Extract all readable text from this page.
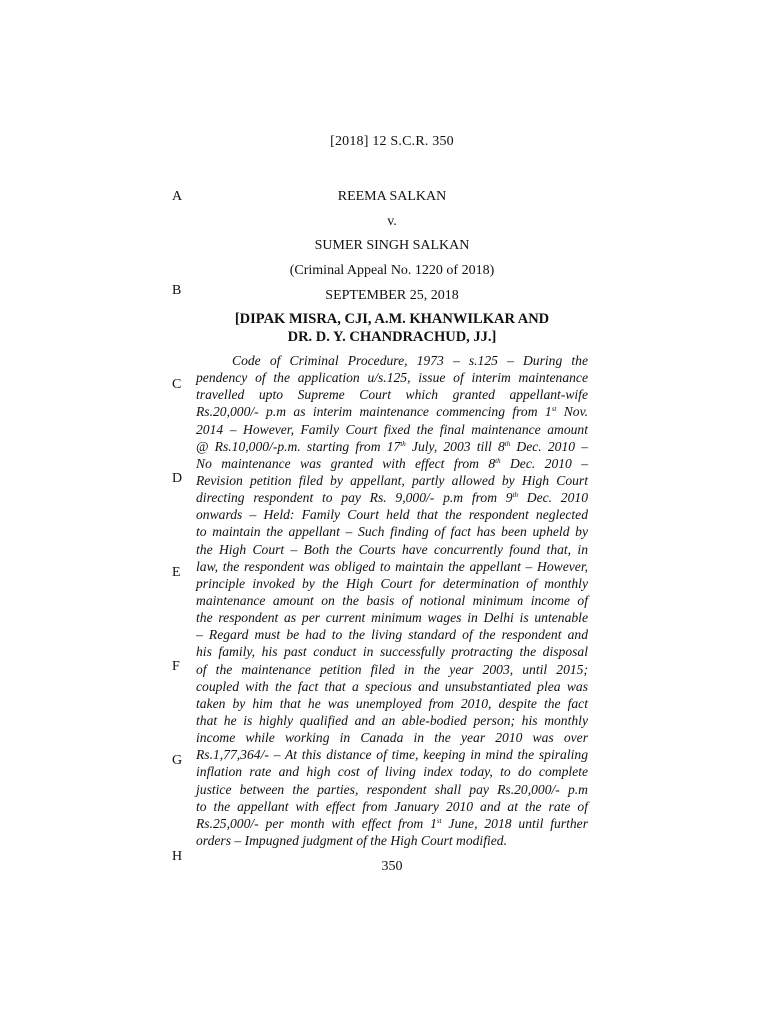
[2018] 12 S.C.R. 350
REEMA SALKAN
v.
SUMER SINGH SALKAN
(Criminal Appeal No. 1220 of 2018)
SEPTEMBER 25, 2018
[DIPAK MISRA, CJI, A.M. KHANWILKAR AND
DR. D. Y. CHANDRACHUD, JJ.]
A
B
C
D
E
F
G
H
Code of Criminal Procedure, 1973 – s.125 – During the
pendency of the application u/s.125, issue of interim maintenance
travelled upto Supreme Court which granted appellant-wife
Rs.20,000/- p.m as interim maintenance commencing from 1st Nov.
2014 – However, Family Court fixed the final maintenance amount
@ Rs.10,000/-p.m. starting from 17th July, 2003 till 8th Dec. 2010 –
No maintenance was granted with effect from 8th Dec. 2010 –
Revision petition filed by appellant, partly allowed by High Court
directing respondent to pay Rs. 9,000/- p.m from 9th Dec. 2010
onwards – Held: Family Court held that the respondent neglected
to maintain the appellant – Such finding of fact has been upheld by
the High Court – Both the Courts have concurrently found that, in
law, the respondent was obliged to maintain the appellant – However,
principle invoked by the High Court for determination of monthly
maintenance amount on the basis of notional minimum income of
the respondent as per current minimum wages in Delhi is untenable
– Regard must be had to the living standard of the respondent and
his family, his past conduct in successfully protracting the disposal
of the maintenance petition filed in the year 2003, until 2015;
coupled with the fact that a specious and unsubstantiated plea was
taken by him that he was unemployed from 2010, despite the fact
that he is highly qualified and an able-bodied person; his monthly
income while working in Canada in the year 2010 was over
Rs.1,77,364/- – At this distance of time, keeping in mind the spiraling
inflation rate and high cost of living index today, to do complete
justice between the parties, respondent shall pay Rs.20,000/- p.m
to the appellant with effect from January 2010 and at the rate of
Rs.25,000/- per month with effect from 1st June, 2018 until further
orders – Impugned judgment of the High Court modified.
350
